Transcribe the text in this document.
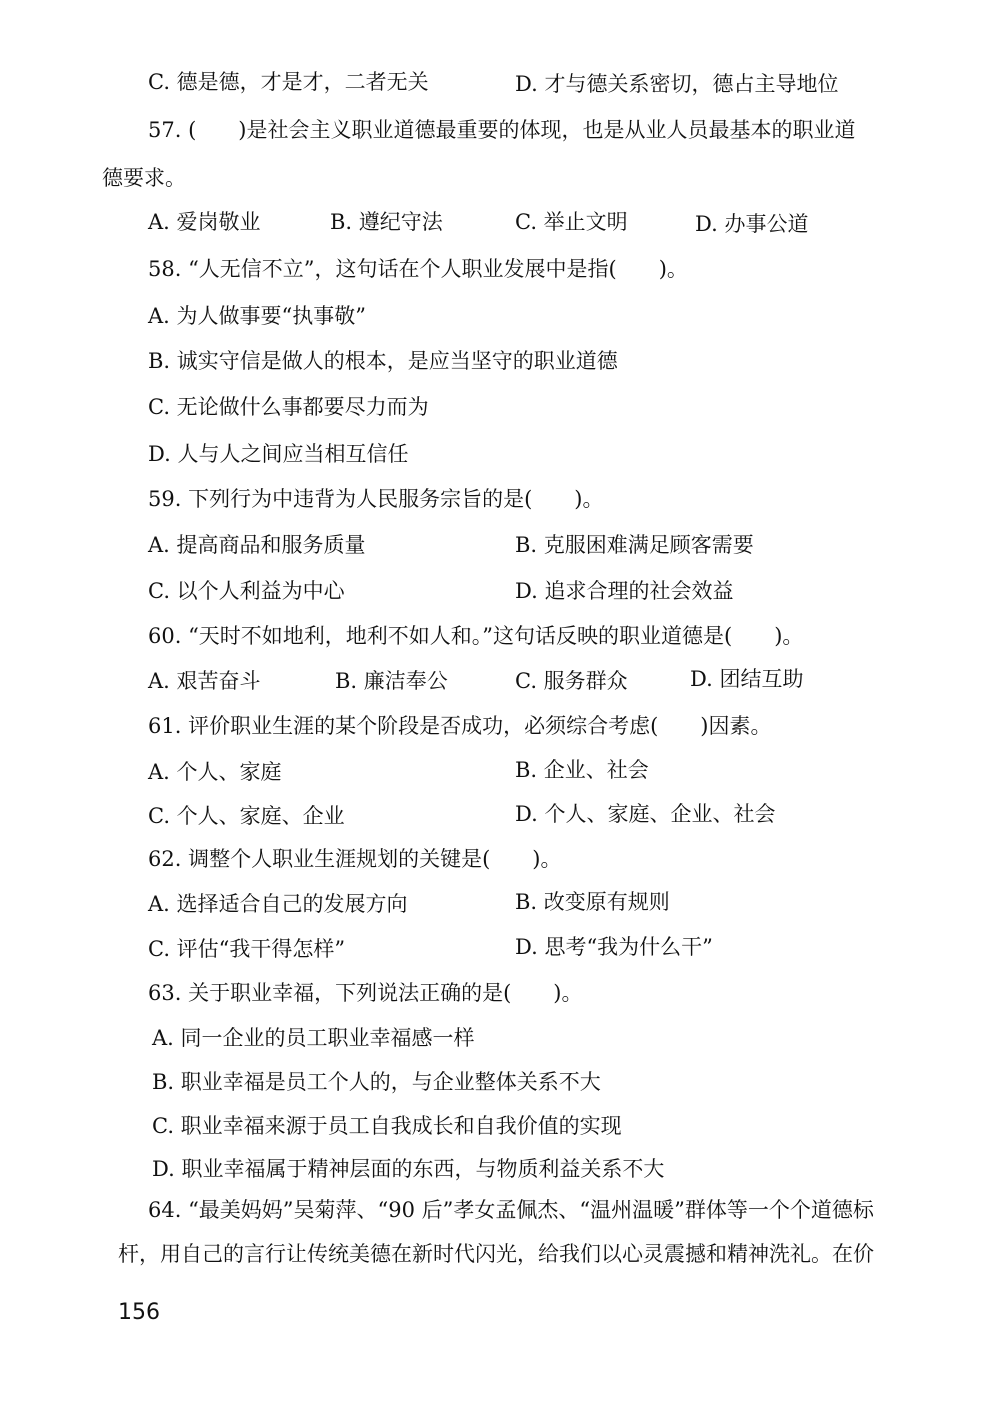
C. 德是德，才是才，二者无关	D. 才与德关系密切，德占主导地位
57. (　　)是社会主义职业道德最重要的体现，也是从业人员最基本的职业道
德要求。
A. 爱岗敬业	B. 遵纪守法	C. 举止文明	D. 办事公道
58. “人无信不立”，这句话在个人职业发展中是指(　　)。
A. 为人做事要“执事敬”
B. 诚实守信是做人的根本，是应当坚守的职业道德
C. 无论做什么事都要尽力而为
D. 人与人之间应当相互信任
59. 下列行为中违背为人民服务宗旨的是(　　)。
A. 提高商品和服务质量	B. 克服困难满足顾客需要
C. 以个人利益为中心	D. 追求合理的社会效益
60. “天时不如地利，地利不如人和。”这句话反映的职业道德是(　　)。
A. 艰苦奋斗	B. 廉洁奉公	C. 服务群众	D. 团结互助
61. 评价职业生涯的某个阶段是否成功，必须综合考虑(　　)因素。
A. 个人、家庭	B. 企业、社会
C. 个人、家庭、企业	D. 个人、家庭、企业、社会
62. 调整个人职业生涯规划的关键是(　　)。
A. 选择适合自己的发展方向	B. 改变原有规则
C. 评估“我干得怎样”	D. 思考“我为什么干”
63. 关于职业幸福，下列说法正确的是(　　)。
A. 同一企业的员工职业幸福感一样
B. 职业幸福是员工个人的，与企业整体关系不大
C. 职业幸福来源于员工自我成长和自我价值的实现
D. 职业幸福属于精神层面的东西，与物质利益关系不大
64. “最美妈妈”吴菊萍、“90 后”孝女孟佩杰、“温州温暖”群体等一个个道德标
杆，用自己的言行让传统美德在新时代闪光，给我们以心灵震撼和精神洗礼。在价
156
